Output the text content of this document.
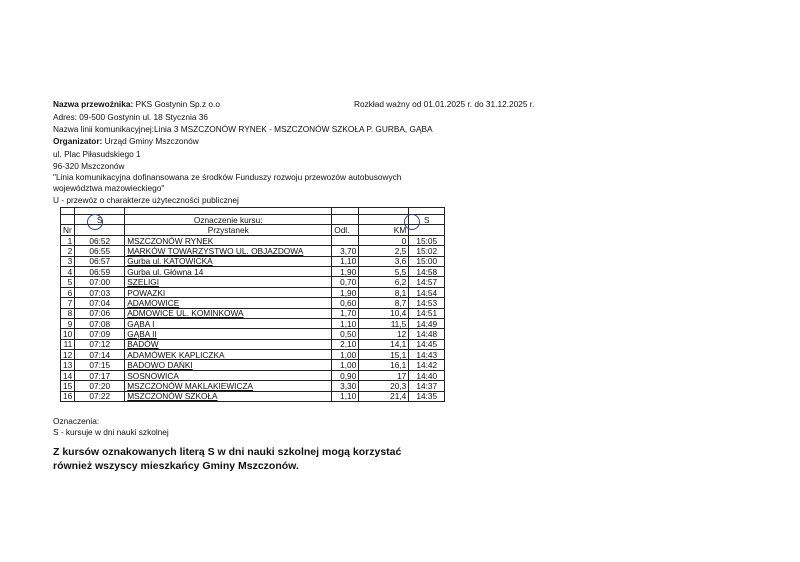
Nazwa przewoźnika: PKS Gostynin Sp.z o.o	Rozkład ważny od 01.01.2025 r. do 31.12.2025 r.
Adres: 09-500 Gostynin ul. 18 Stycznia 36
Nazwa linii komunikacyjnej:Linia 3 MSZCZONÓW RYNEK - MSZCZONÓW SZKOŁA P. GURBA, GĄBA
Organizator: Urząd Gminy Mszczonów
ul. Plac Piłasudskiego 1
96-320 Mszczonów
"Linia komunikacyjna dofinansowana ze środków Funduszy rozwoju przewozów autobusowych
województwa mazowieckiego"
U - przewóz o charakterze użyteczności publicznej

	S	Oznaczenie kursu:			S
Nr		Przystanek	Odl.	KM	
1	06:52	MSZCZONÓW RYNEK		0	15:05
2	06:55	MARKÓW TOWARZYSTWO UL. OBJAZDOWA	3,70	2,5	15:02
3	06:57	Gurba ul. KATOWICKA	1,10	3,6	15:00
4	06:59	Gurba ul. Główna 14	1,90	5,5	14:58
5	07:00	SZELIGI	0,70	6,2	14:57
6	07:03	POWAZKI	1,90	8,1	14:54
7	07:04	ADAMOWICE	0,60	8,7	14:53
8	07:06	ADMOWICE UL. KOMINKOWA	1,70	10,4	14:51
9	07:08	GĄBA I	1,10	11,5	14:49
10	07:09	GĄBA II	0,50	12	14:48
11	07:12	BADÓW	2,10	14,1	14:45
12	07:14	ADAMÓWEK KAPLICZKA	1,00	15,1	14:43
13	07:15	BADOWO DAŃKI	1,00	16,1	14:42
14	07:17	SOSNOWICA	0,90	17	14:40
15	07:20	MSZCZONÓW MAKLAKIEWICZA	3,30	20,3	14:37
16	07:22	MSZCZONÓW SZKOŁA	1,10	21,4	14:35
Oznaczenia:
S - kursuje w dni nauki szkolnej
Z kursów oznakowanych literą S w dni nauki szkolnej mogą korzystać
również wszyscy mieszkańcy Gminy Mszczonów.
